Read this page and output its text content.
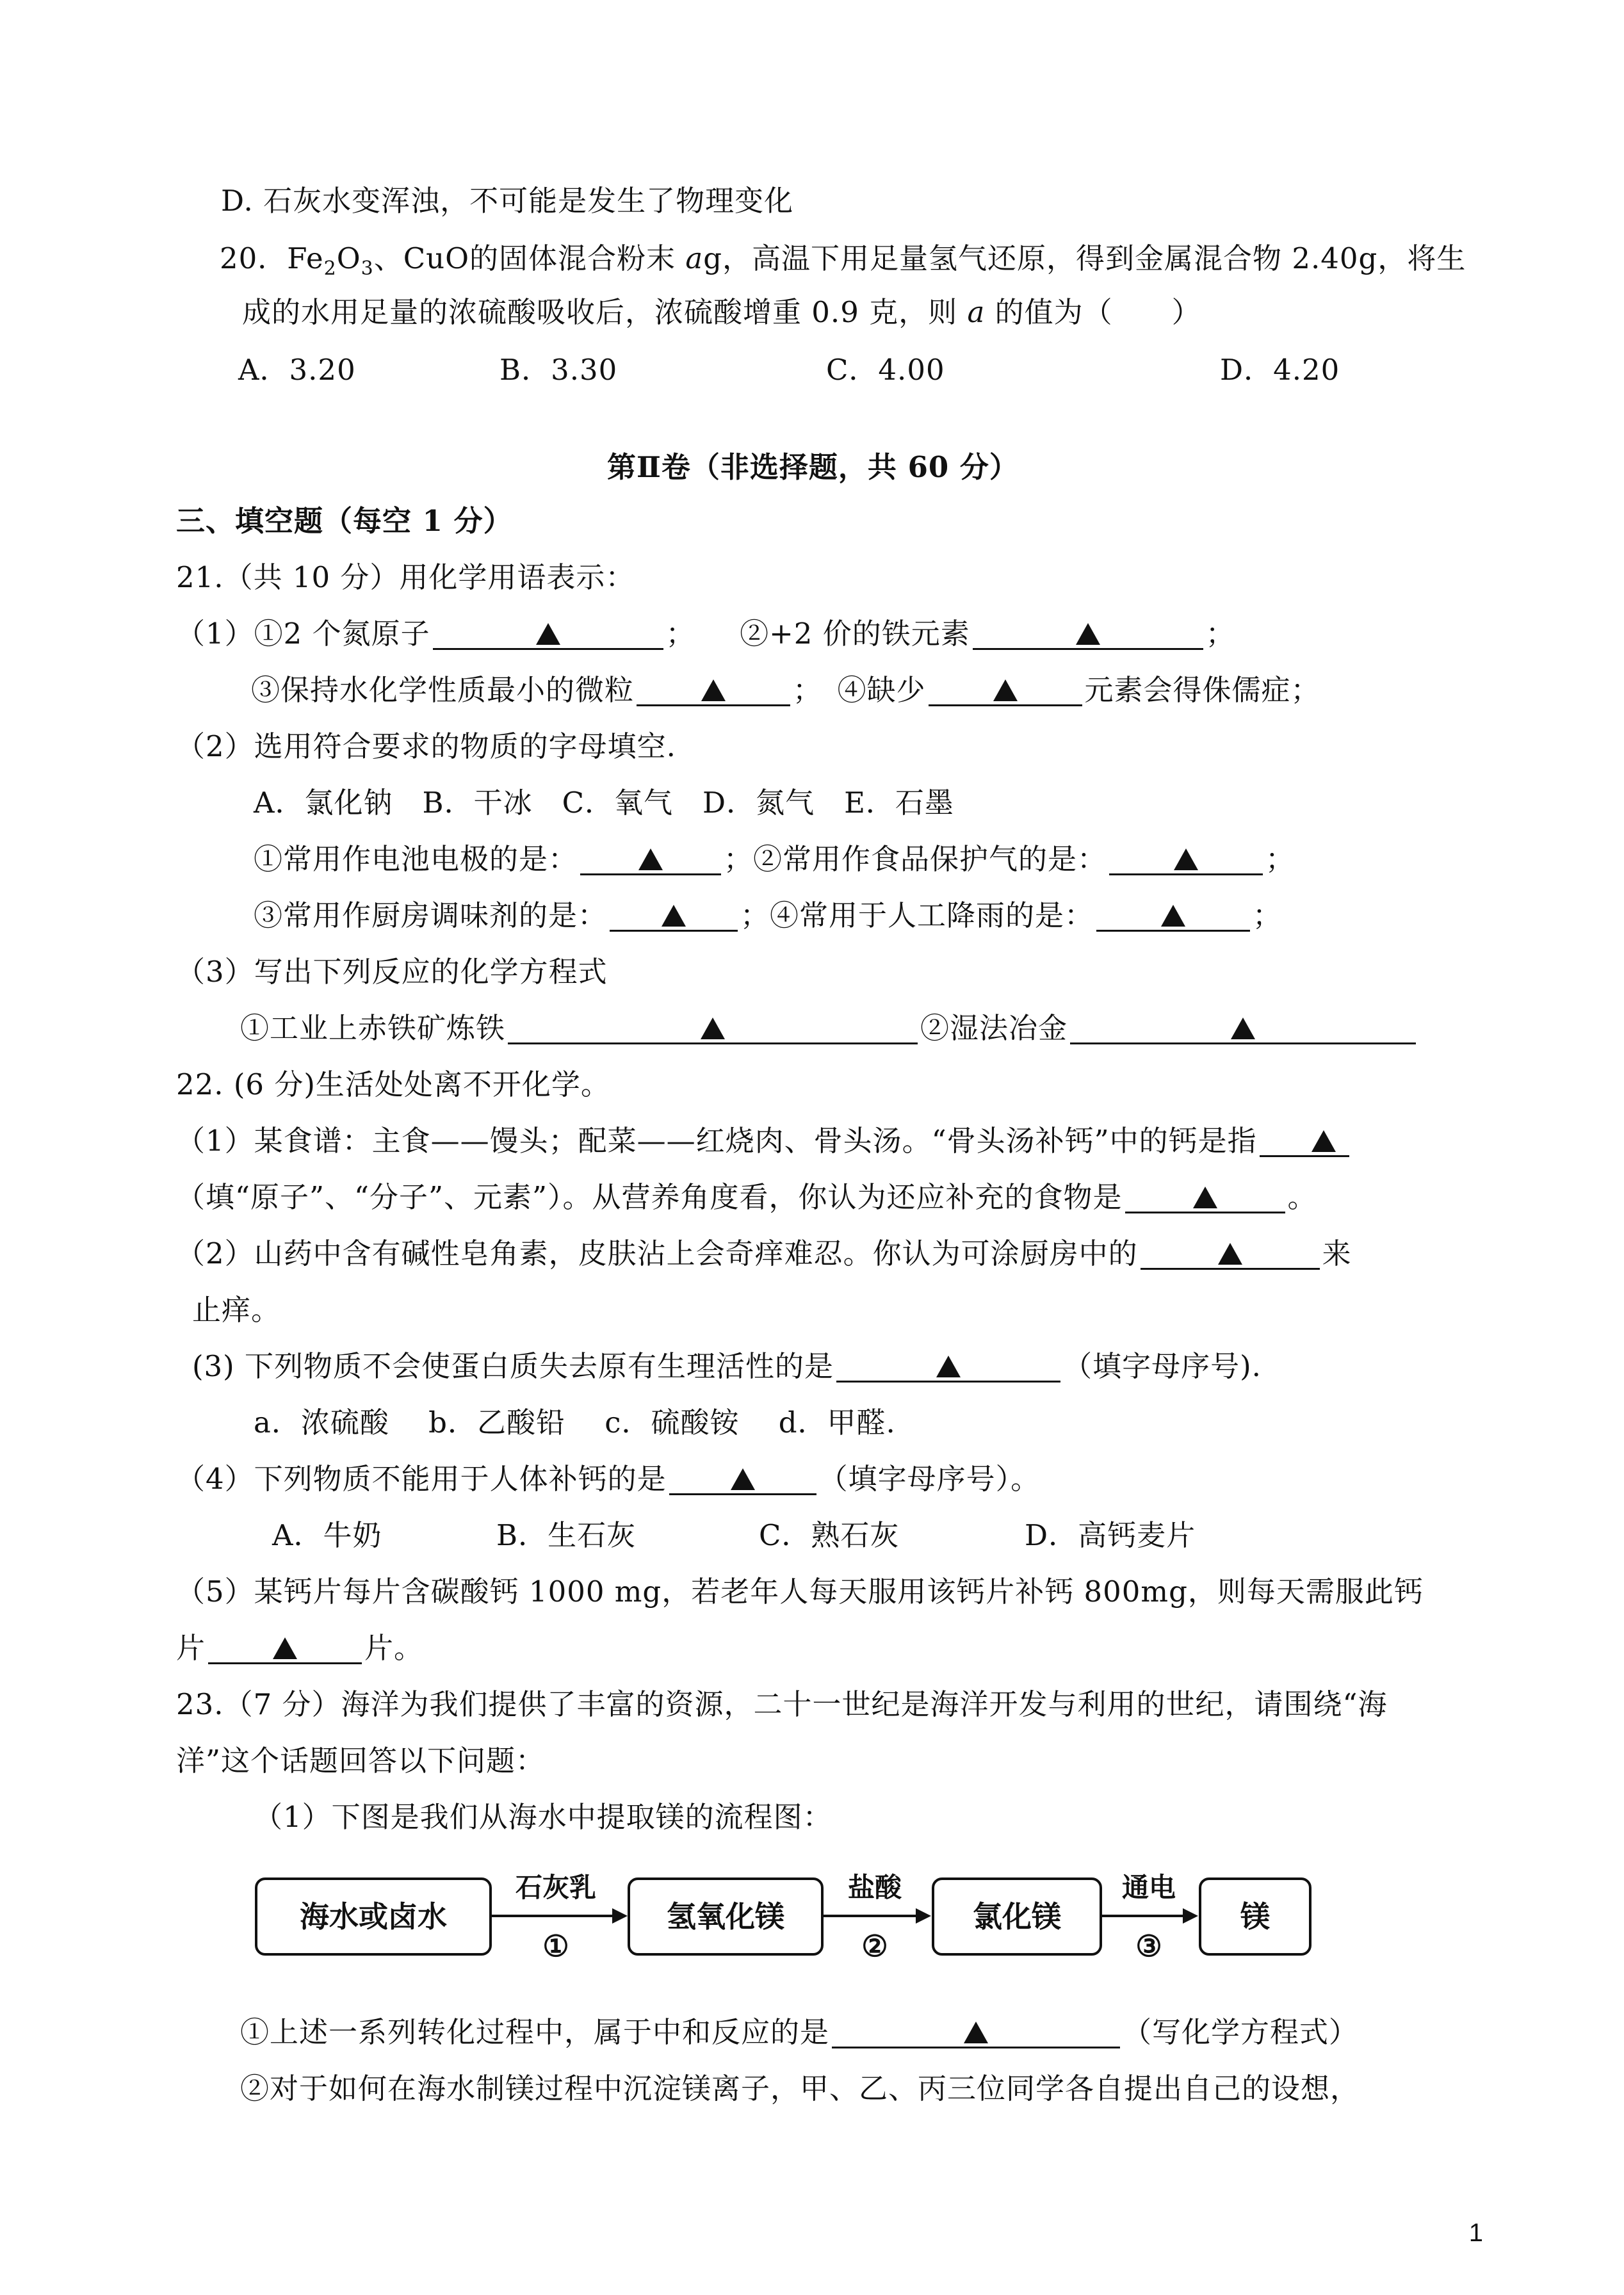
D. 石灰水变浑浊，不可能是发生了物理变化
20．$Fe_2O_3$、CuO的固体混合粉末 ag，高温下用足量氢气还原，得到金属混合物 2.40g，将生
成的水用足量的浓硫酸吸收后，浓硫酸增重 0.9 克，则 a 的值为（　　）
A．3.20	B．3.30	C．4.00	D．4.20
第Ⅱ卷（非选择题，共 60 分）
三、填空题（每空 1 分）
21.（共 10 分）用化学用语表示：
（1）①2 个氮原子	；　　②+2 价的铁元素	；
③保持水化学性质最小的微粒	；　④缺少	元素会得侏儒症；
（2）选用符合要求的物质的字母填空.
A．氯化钠　B．干冰　C．氧气　D．氮气　E．石墨
①常用作电池电极的是：	；②常用作食品保护气的是：	；
③常用作厨房调味剂的是：	；④常用于人工降雨的是：	；
（3）写出下列反应的化学方程式
①工业上赤铁矿炼铁	②湿法冶金
22. (6 分)生活处处离不开化学。
（1）某食谱：主食——馒头；配菜——红烧肉、骨头汤。“骨头汤补钙”中的钙是指
（填“原子”、“分子”、元素”）。从营养角度看，你认为还应补充的食物是	。
（2）山药中含有碱性皂角素，皮肤沾上会奇痒难忍。你认为可涂厨房中的	来
止痒。
(3) 下列物质不会使蛋白质失去原有生理活性的是	（填字母序号).
a．浓硫酸　 b．乙酸铅　 c．硫酸铵　 d．甲醛.
（4）下列物质不能用于人体补钙的是	（填字母序号）。
A．牛奶	B．生石灰	C．熟石灰	D．高钙麦片
（5）某钙片每片含碳酸钙 1000 mg，若老年人每天服用该钙片补钙 800mg，则每天需服此钙
片	片。
23.（7 分）海洋为我们提供了丰富的资源，二十一世纪是海洋开发与利用的世纪，请围绕“海
洋”这个话题回答以下问题：
（1）下图是我们从海水中提取镁的流程图：
海水或卤水	氢氧化镁	氯化镁	镁
石灰乳
①
盐酸
②
通电
③
①上述一系列转化过程中，属于中和反应的是	（写化学方程式）
②对于如何在海水制镁过程中沉淀镁离子，甲、乙、丙三位同学各自提出自己的设想，
1
